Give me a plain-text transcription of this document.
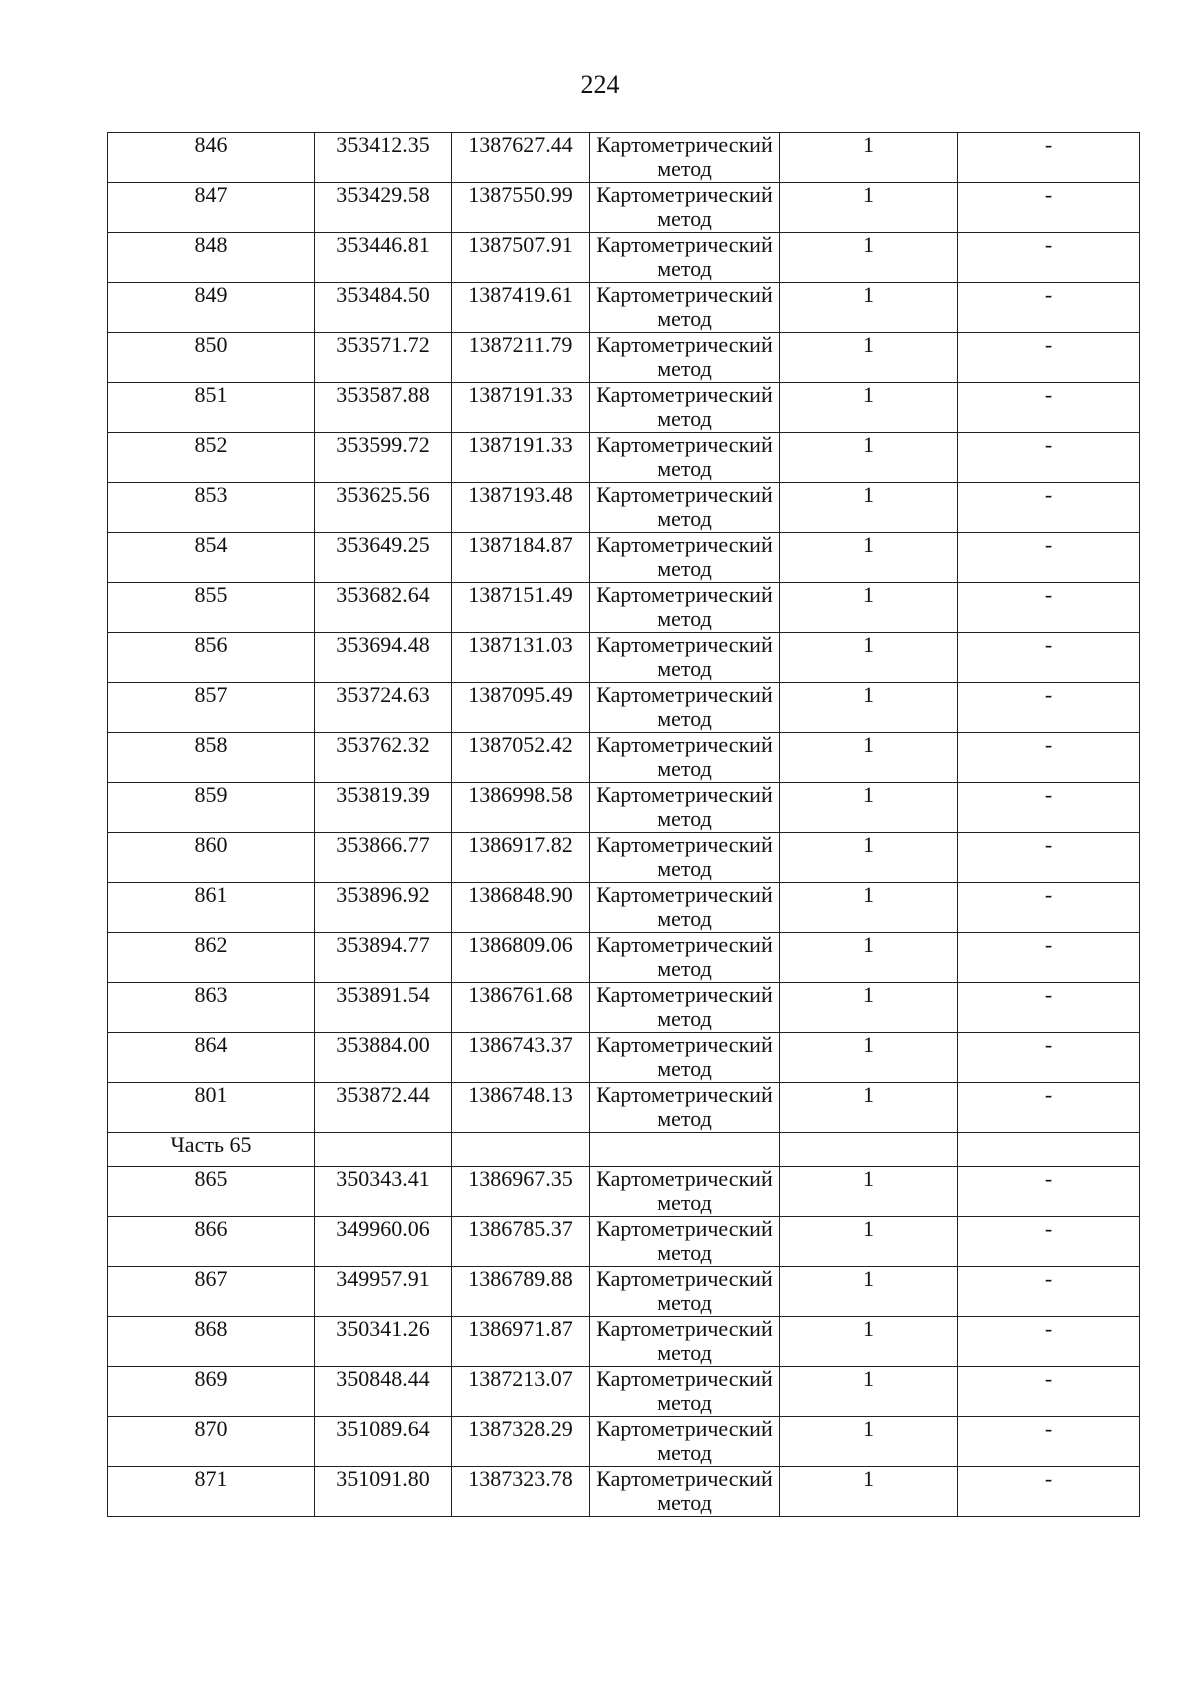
224
846	353412.35	1387627.44	Картометрический метод	1	-
847	353429.58	1387550.99	Картометрический метод	1	-
848	353446.81	1387507.91	Картометрический метод	1	-
849	353484.50	1387419.61	Картометрический метод	1	-
850	353571.72	1387211.79	Картометрический метод	1	-
851	353587.88	1387191.33	Картометрический метод	1	-
852	353599.72	1387191.33	Картометрический метод	1	-
853	353625.56	1387193.48	Картометрический метод	1	-
854	353649.25	1387184.87	Картометрический метод	1	-
855	353682.64	1387151.49	Картометрический метод	1	-
856	353694.48	1387131.03	Картометрический метод	1	-
857	353724.63	1387095.49	Картометрический метод	1	-
858	353762.32	1387052.42	Картометрический метод	1	-
859	353819.39	1386998.58	Картометрический метод	1	-
860	353866.77	1386917.82	Картометрический метод	1	-
861	353896.92	1386848.90	Картометрический метод	1	-
862	353894.77	1386809.06	Картометрический метод	1	-
863	353891.54	1386761.68	Картометрический метод	1	-
864	353884.00	1386743.37	Картометрический метод	1	-
801	353872.44	1386748.13	Картометрический метод	1	-
Часть 65					
865	350343.41	1386967.35	Картометрический метод	1	-
866	349960.06	1386785.37	Картометрический метод	1	-
867	349957.91	1386789.88	Картометрический метод	1	-
868	350341.26	1386971.87	Картометрический метод	1	-
869	350848.44	1387213.07	Картометрический метод	1	-
870	351089.64	1387328.29	Картометрический метод	1	-
871	351091.80	1387323.78	Картометрический метод	1	-
